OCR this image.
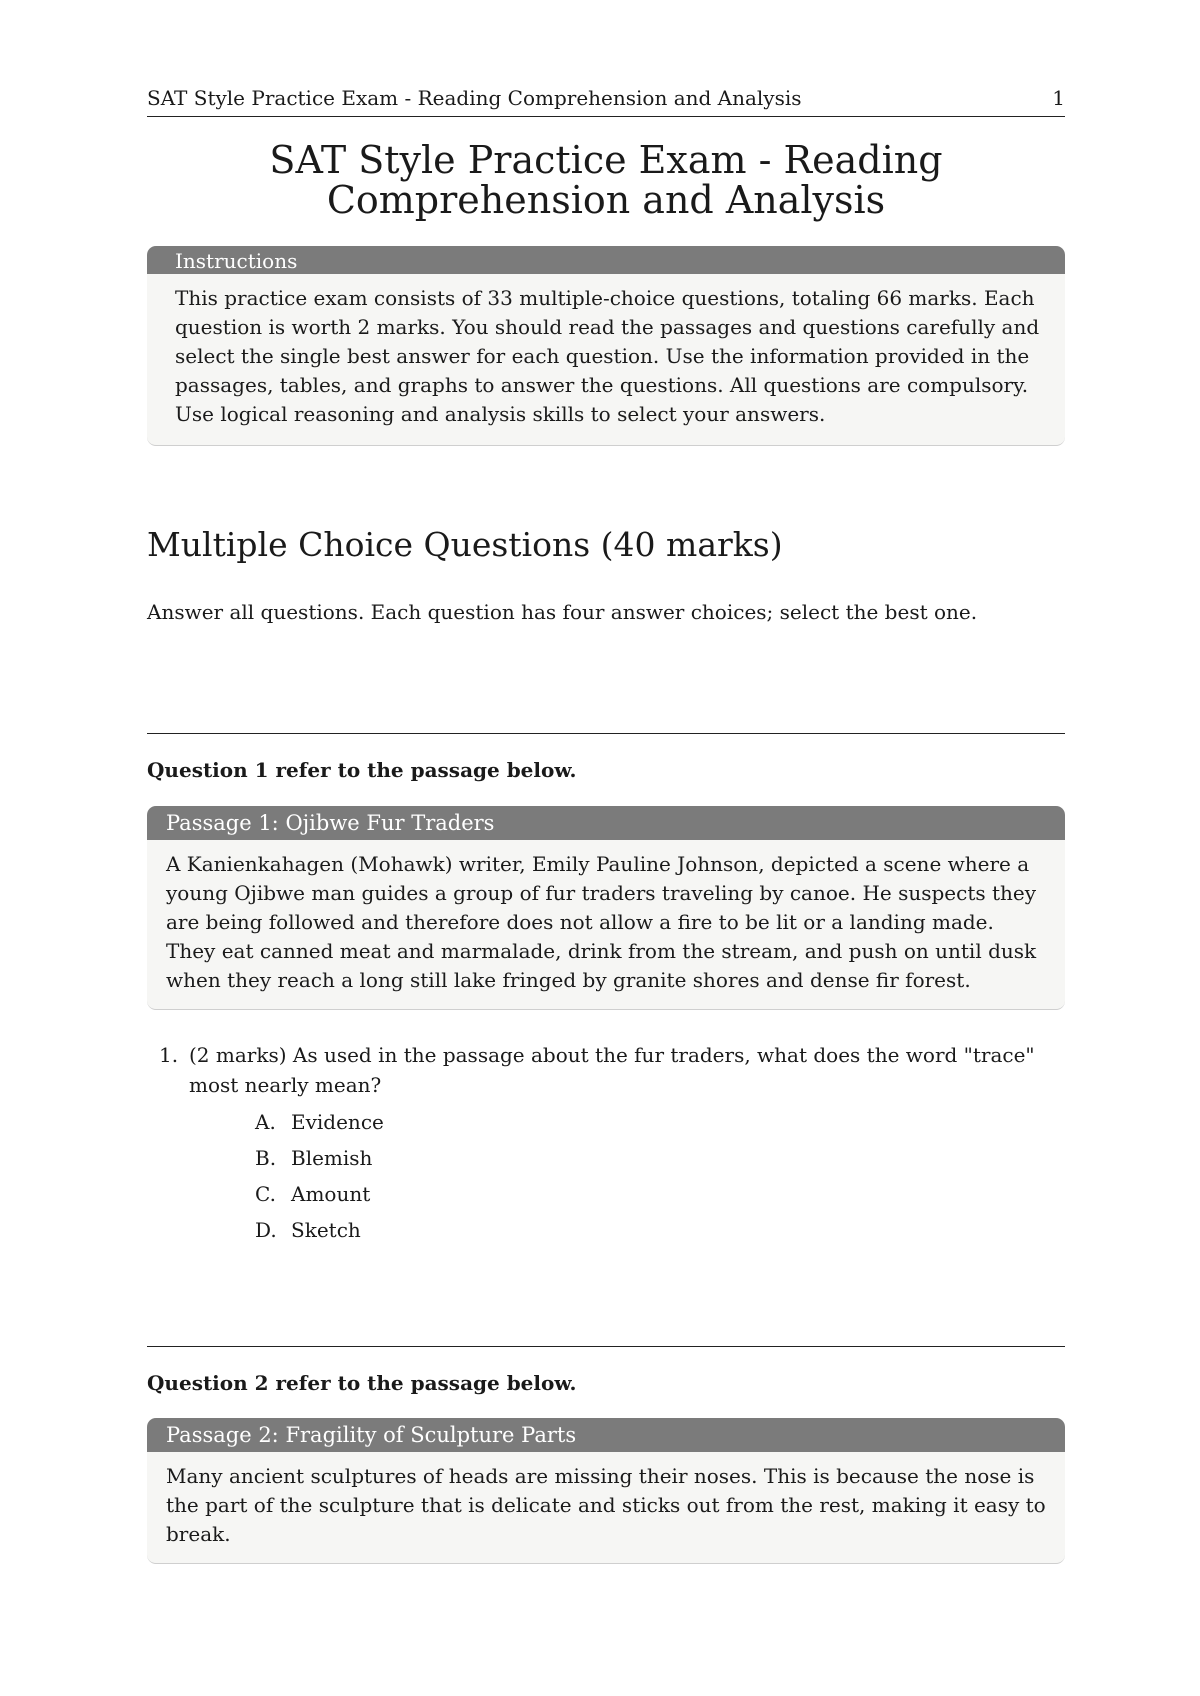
SAT Style Practice Exam - Reading Comprehension and Analysis	1
SAT Style Practice Exam - Reading
Comprehension and Analysis
Instructions
This practice exam consists of 33 multiple-choice questions, totaling 66 marks. Each question is worth 2 marks. You should read the passages and questions carefully and select the single best answer for each question. Use the information provided in the passages, tables, and graphs to answer the questions. All questions are compulsory. Use logical reasoning and analysis skills to select your answers.
Multiple Choice Questions (40 marks)
Answer all questions. Each question has four answer choices; select the best one.
Question 1 refer to the passage below.
Passage 1: Ojibwe Fur Traders
A Kanienkahagen (Mohawk) writer, Emily Pauline Johnson, depicted a scene where a young Ojibwe man guides a group of fur traders traveling by canoe. He suspects they are being followed and therefore does not allow a fire to be lit or a landing made. They eat canned meat and marmalade, drink from the stream, and push on until dusk when they reach a long still lake fringed by granite shores and dense fir forest.
1. (2 marks) As used in the passage about the fur traders, what does the word "trace" most nearly mean?
A. Evidence
B. Blemish
C. Amount
D. Sketch
Question 2 refer to the passage below.
Passage 2: Fragility of Sculpture Parts
Many ancient sculptures of heads are missing their noses. This is because the nose is the part of the sculpture that is delicate and sticks out from the rest, making it easy to break.
